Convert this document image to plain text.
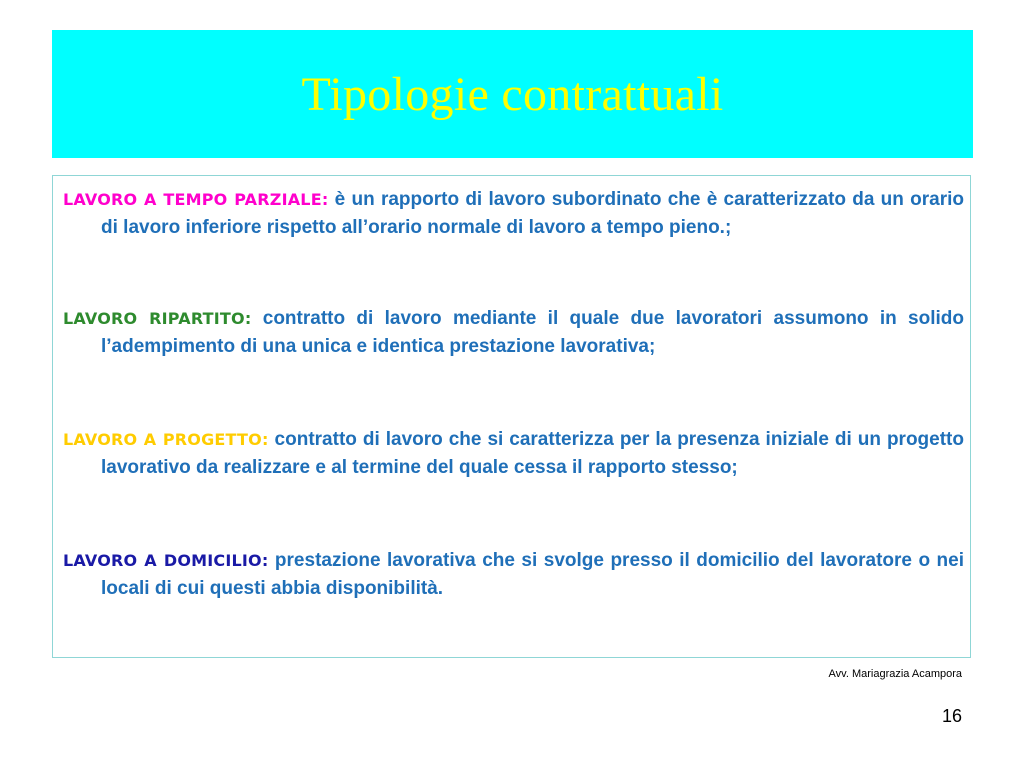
Tipologie contrattuali
LAVORO A TEMPO PARZIALE: è un rapporto di lavoro subordinato che è caratterizzato da un orario di lavoro inferiore rispetto all’orario normale di lavoro a tempo pieno.;
LAVORO RIPARTITO: contratto di lavoro mediante il quale due lavoratori assumono in solido l’adempimento di una unica e identica prestazione lavorativa;
LAVORO A PROGETTO: contratto di lavoro che si caratterizza per la presenza iniziale di un progetto lavorativo da realizzare e al termine del quale cessa il rapporto stesso;
LAVORO A DOMICILIO: prestazione lavorativa che si svolge presso il domicilio del lavoratore o nei locali di cui questi abbia disponibilità.
Avv. Mariagrazia Acampora
16
